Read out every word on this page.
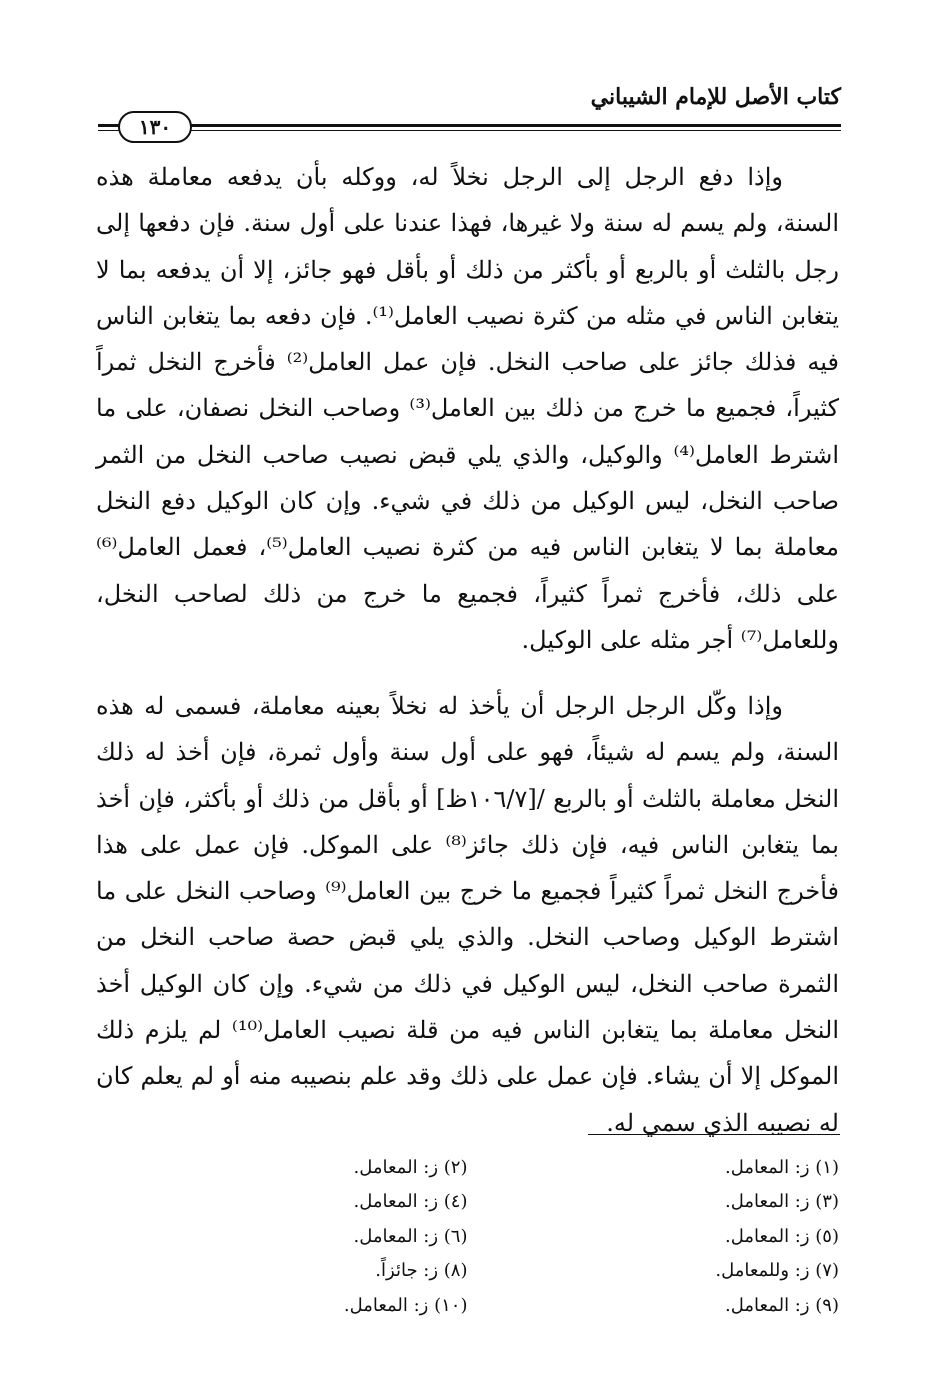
كتاب الأصل للإمام الشيباني
١٣٠

وإذا دفع الرجل إلى الرجل نخلاً له، ووكله بأن يدفعه معاملة هذه السنة، ولم يسم له سنة ولا غيرها، فهذا عندنا على أول سنة. فإن دفعها إلى رجل بالثلث أو بالربع أو بأكثر من ذلك أو بأقل فهو جائز، إلا أن يدفعه بما لا يتغابن الناس في مثله من كثرة نصيب العامل⁽¹⁾. فإن دفعه بما يتغابن الناس فيه فذلك جائز على صاحب النخل. فإن عمل العامل⁽²⁾ فأخرج النخل ثمراً كثيراً، فجميع ما خرج من ذلك بين العامل⁽³⁾ وصاحب النخل نصفان، على ما اشترط العامل⁽⁴⁾ والوكيل، والذي يلي قبض نصيب صاحب النخل من الثمر صاحب النخل، ليس الوكيل من ذلك في شيء. وإن كان الوكيل دفع النخل معاملة بما لا يتغابن الناس فيه من كثرة نصيب العامل⁽⁵⁾، فعمل العامل⁽⁶⁾ على ذلك، فأخرج ثمراً كثيراً، فجميع ما خرج من ذلك لصاحب النخل، وللعامل⁽⁷⁾ أجر مثله على الوكيل.

وإذا وكّل الرجل الرجل أن يأخذ له نخلاً بعينه معاملة، فسمى له هذه السنة، ولم يسم له شيئاً، فهو على أول سنة وأول ثمرة، فإن أخذ له ذلك النخل معاملة بالثلث أو بالربع /[١٠٦/٧ظ] أو بأقل من ذلك أو بأكثر، فإن أخذ بما يتغابن الناس فيه، فإن ذلك جائز⁽⁸⁾ على الموكل. فإن عمل على هذا فأخرج النخل ثمراً كثيراً فجميع ما خرج بين العامل⁽⁹⁾ وصاحب النخل على ما اشترط الوكيل وصاحب النخل. والذي يلي قبض حصة صاحب النخل من الثمرة صاحب النخل، ليس الوكيل في ذلك من شيء. وإن كان الوكيل أخذ النخل معاملة بما يتغابن الناس فيه من قلة نصيب العامل⁽¹⁰⁾ لم يلزم ذلك الموكل إلا أن يشاء. فإن عمل على ذلك وقد علم بنصيبه منه أو لم يعلم كان له نصيبه الذي سمي له.

(١) ز: المعامل.
(٢) ز: المعامل.
(٣) ز: المعامل.
(٤) ز: المعامل.
(٥) ز: المعامل.
(٦) ز: المعامل.
(٧) ز: وللمعامل.
(٨) ز: جائزاً.
(٩) ز: المعامل.
(١٠) ز: المعامل.
